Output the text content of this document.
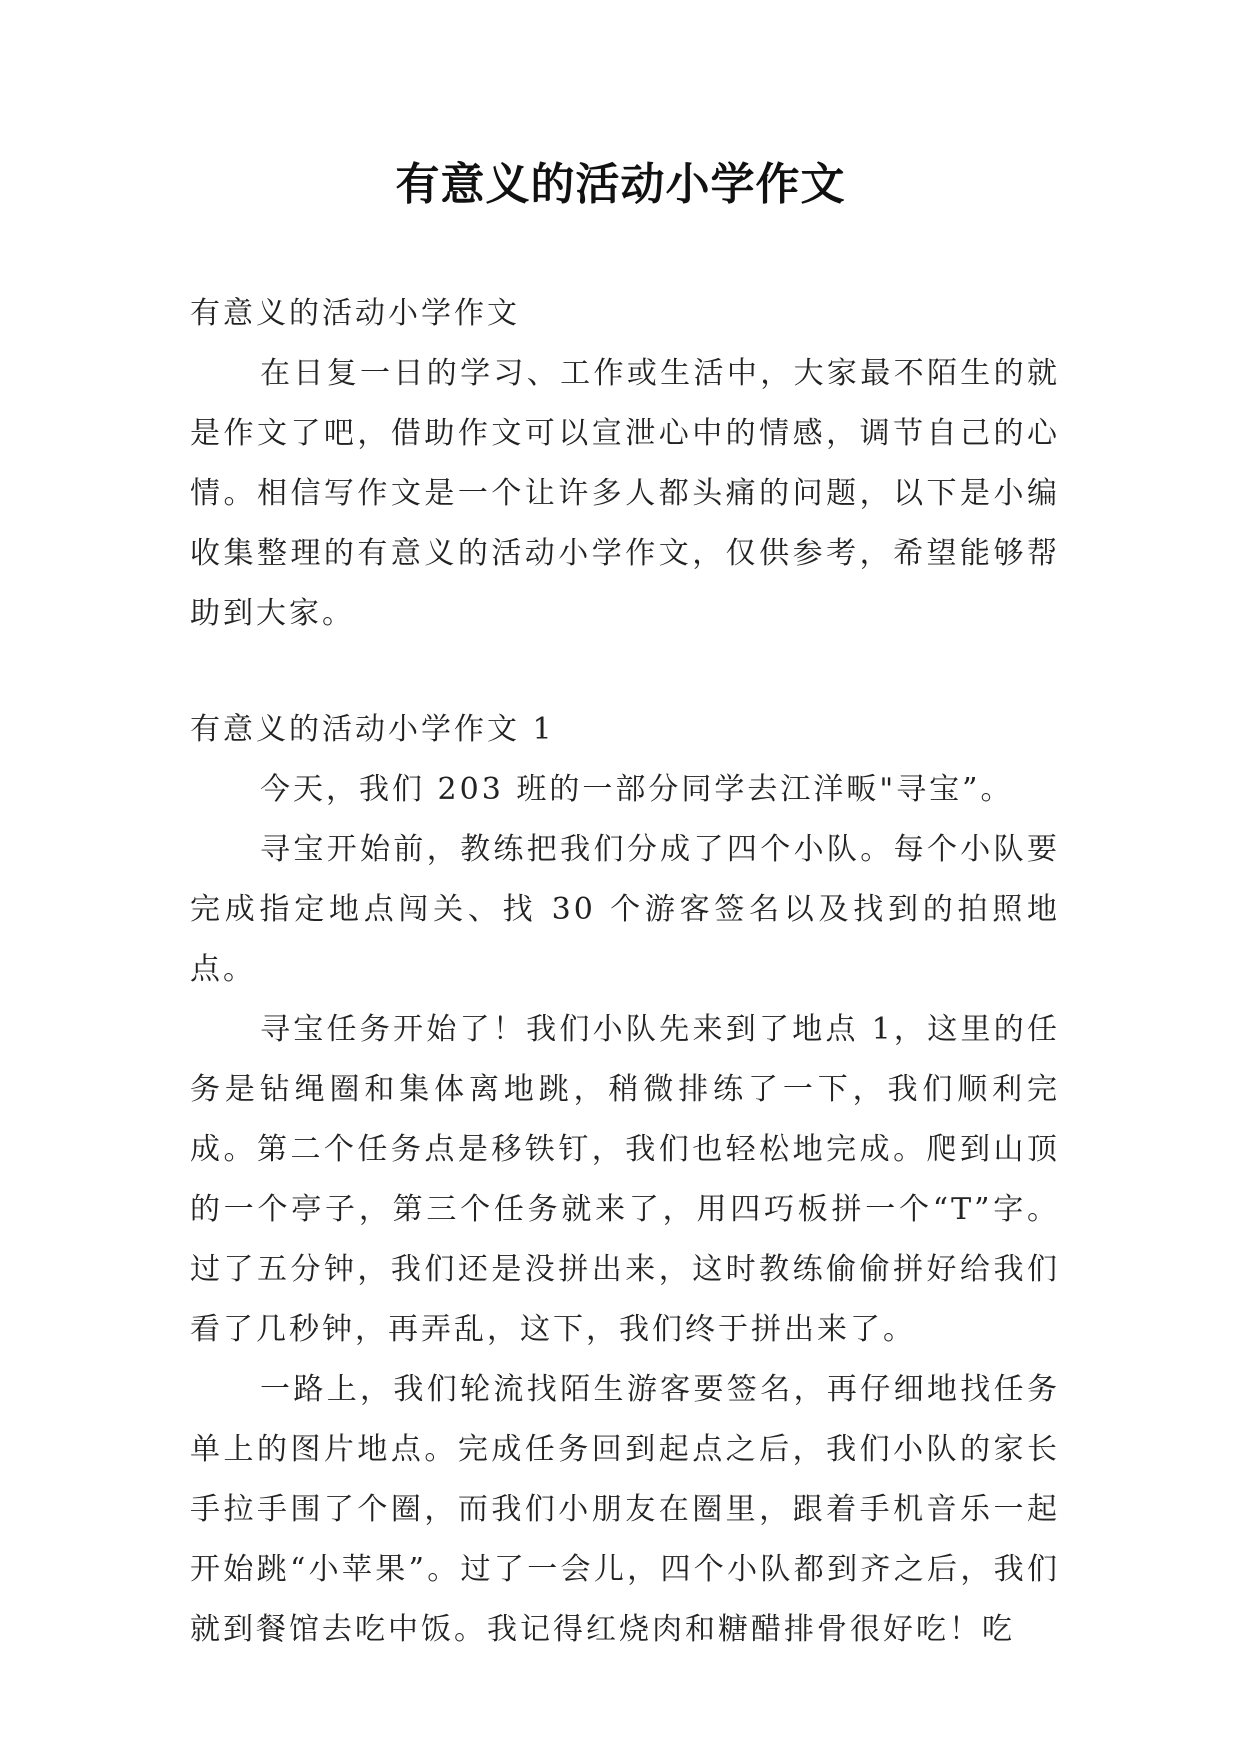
有意义的活动小学作文

有意义的活动小学作文

在日复一日的学习、工作或生活中，大家最不陌生的就是作文了吧，借助作文可以宣泄心中的情感，调节自己的心情。相信写作文是一个让许多人都头痛的问题，以下是小编收集整理的有意义的活动小学作文，仅供参考，希望能够帮助到大家。

有意义的活动小学作文 1

今天，我们 203 班的一部分同学去江洋畈"寻宝”。

寻宝开始前，教练把我们分成了四个小队。每个小队要完成指定地点闯关、找 30 个游客签名以及找到的拍照地点。

寻宝任务开始了！我们小队先来到了地点 1，这里的任务是钻绳圈和集体离地跳，稍微排练了一下，我们顺利完成。第二个任务点是移铁钉，我们也轻松地完成。爬到山顶的一个亭子，第三个任务就来了，用四巧板拼一个“T”字。过了五分钟，我们还是没拼出来，这时教练偷偷拼好给我们看了几秒钟，再弄乱，这下，我们终于拼出来了。

一路上，我们轮流找陌生游客要签名，再仔细地找任务单上的图片地点。完成任务回到起点之后，我们小队的家长手拉手围了个圈，而我们小朋友在圈里，跟着手机音乐一起开始跳“小苹果”。过了一会儿，四个小队都到齐之后，我们就到餐馆去吃中饭。我记得红烧肉和糖醋排骨很好吃！吃
